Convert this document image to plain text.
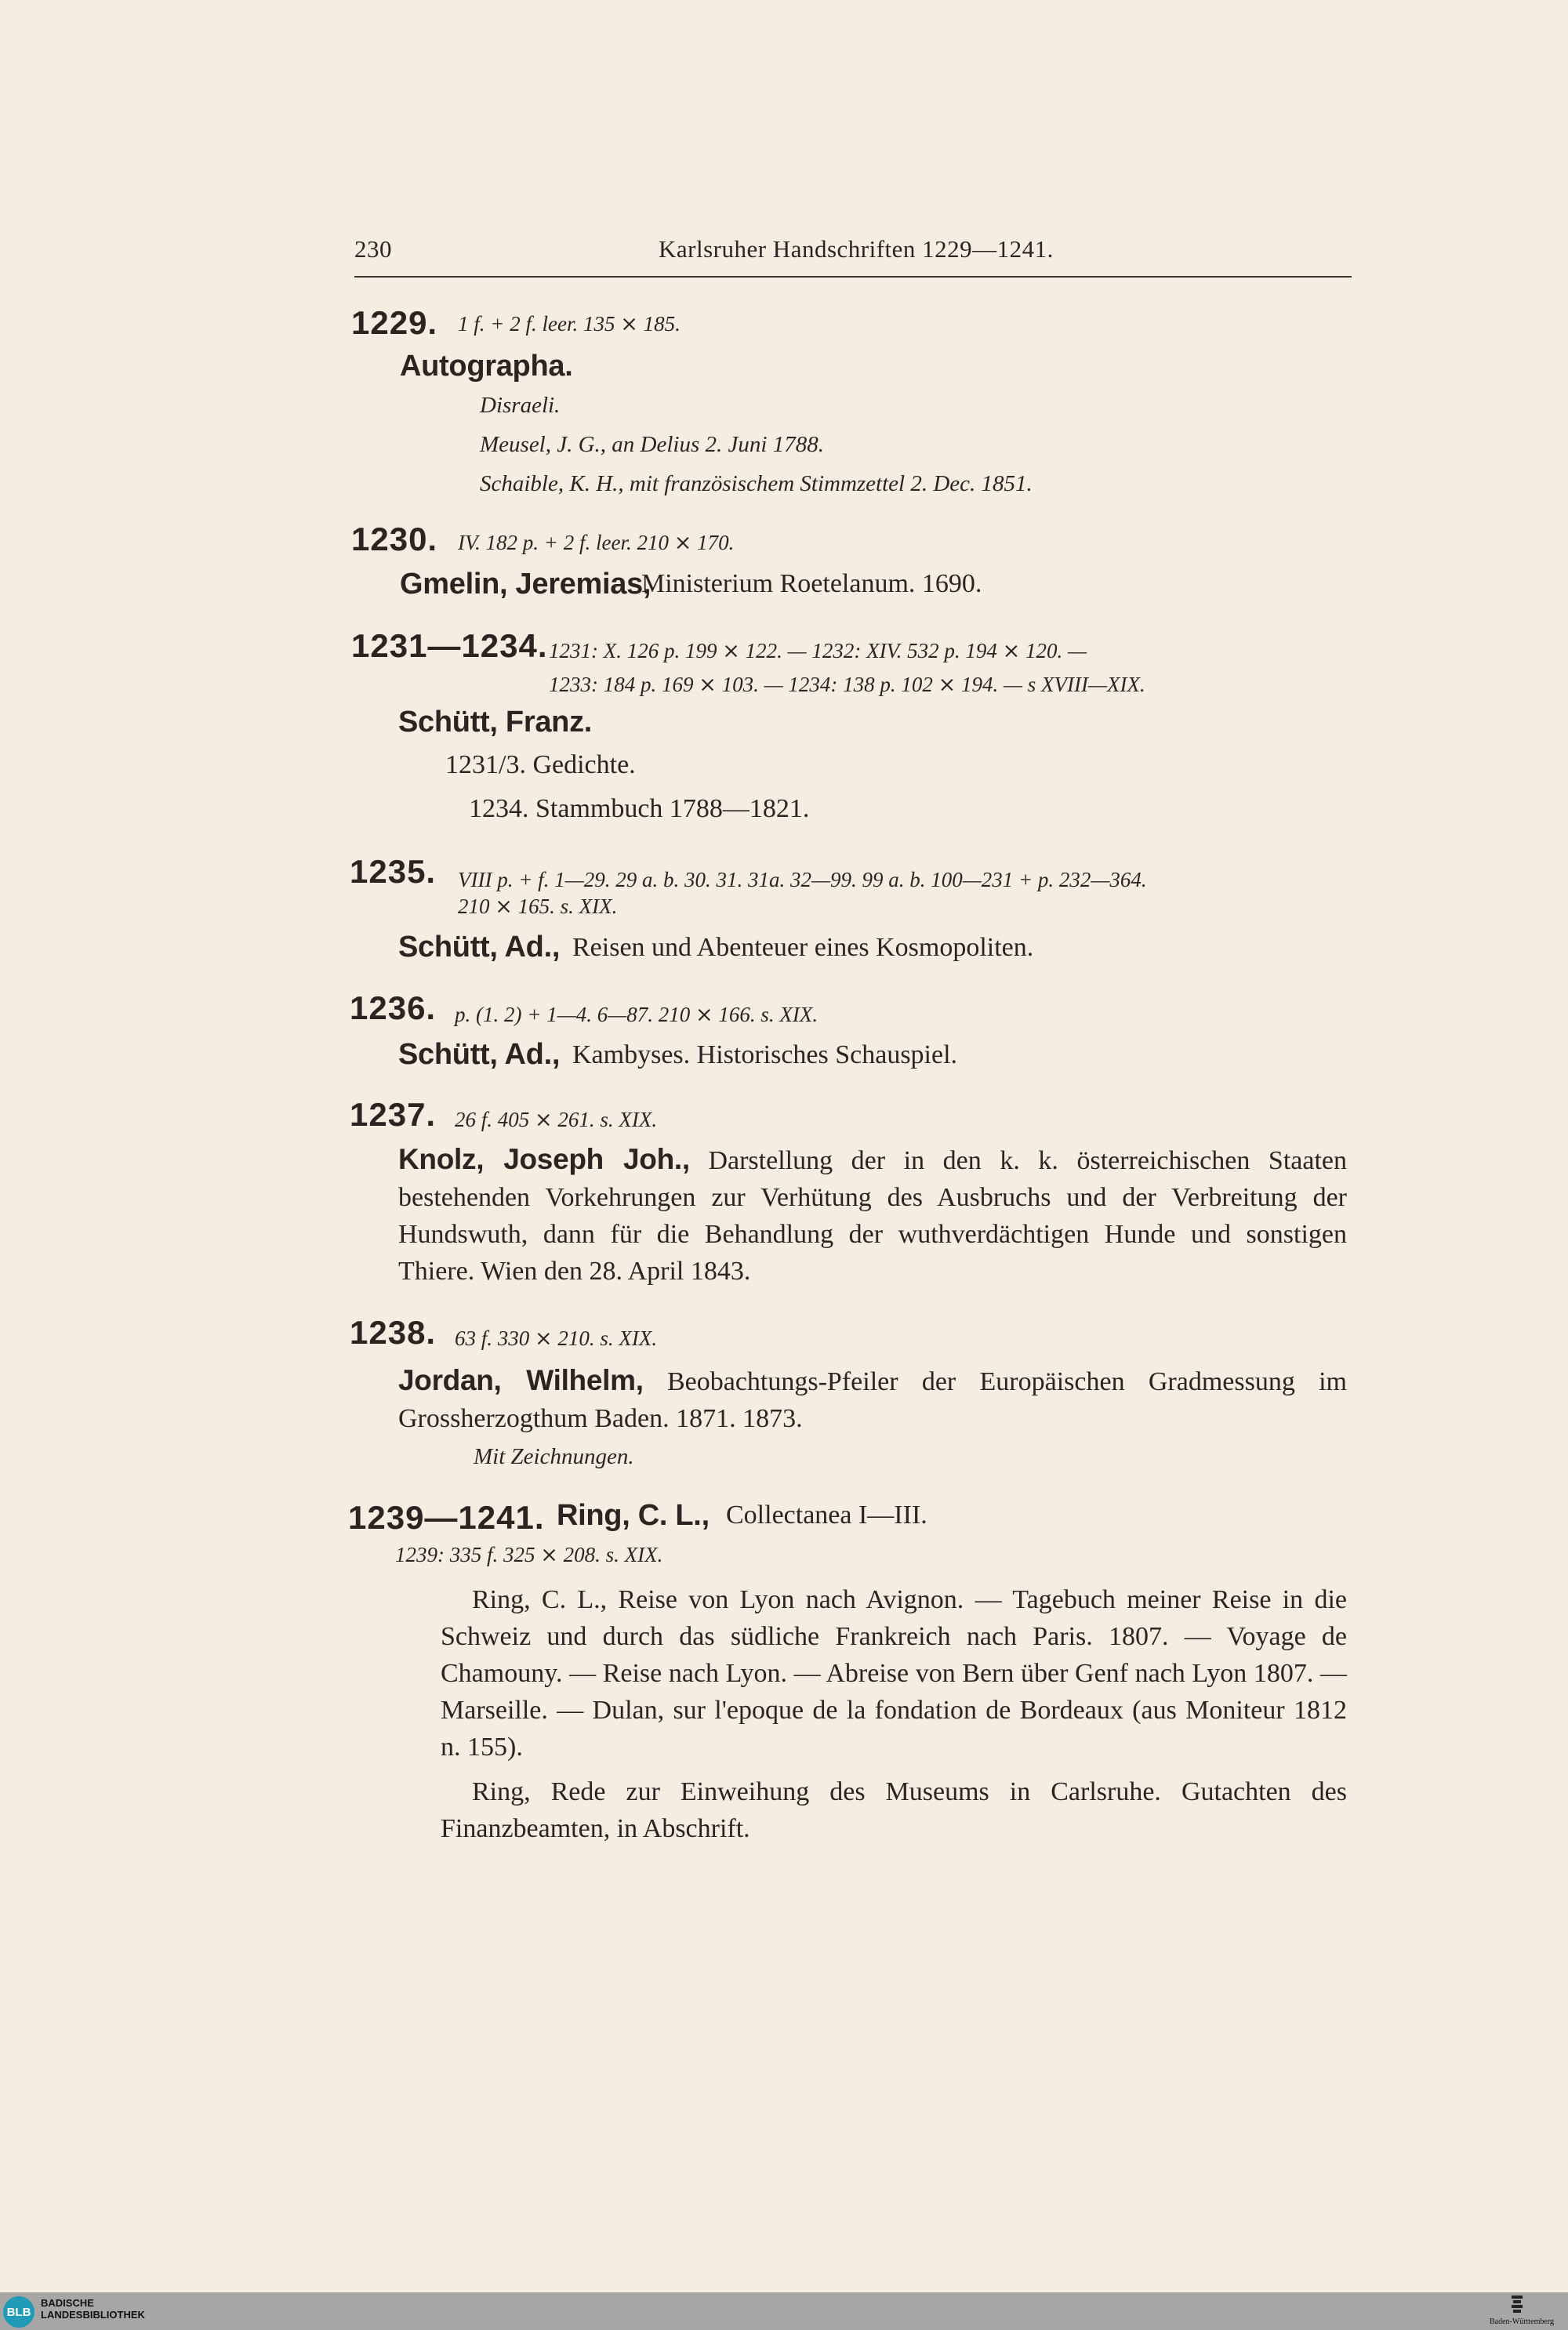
230	Karlsruher Handschriften 1229—1241.
1229. 1 f. + 2 f. leer. 135 ⨯ 185.
Autographa.
Disraeli.
Meusel, J. G., an Delius 2. Juni 1788.
Schaible, K. H., mit französischem Stimmzettel 2. Dec. 1851.
1230. IV. 182 p. + 2 f. leer. 210 ⨯ 170.
Gmelin, Jeremias,
Ministerium Roetelanum. 1690.
1231—1234. 1231: X. 126 p. 199 ⨯ 122. — 1232: XIV. 532 p. 194 ⨯ 120. —
1233: 184 p. 169 ⨯ 103. — 1234: 138 p. 102 ⨯ 194. — s XVIII—XIX.
Schütt, Franz.
1231/3. Gedichte.
1234. Stammbuch 1788—1821.
1235. VIII p. + f. 1—29. 29 a. b. 30. 31. 31a. 32—99. 99 a. b. 100—231 + p. 232—364.
210 ⨯ 165. s. XIX.
Schütt, Ad., Reisen und Abenteuer eines Kosmopoliten.
1236. p. (1. 2) + 1—4. 6—87. 210 ⨯ 166. s. XIX.
Schütt, Ad., Kambyses. Historisches Schauspiel.
1237. 26 f. 405 ⨯ 261. s. XIX.
Knolz, Joseph Joh., Darstellung der in den k. k. österreichischen Staaten bestehenden Vorkehrungen zur Verhütung des Ausbruchs und der Verbreitung der Hundswuth, dann für die Behandlung der wuthverdächtigen Hunde und sonstigen Thiere. Wien den 28. April 1843.
1238. 63 f. 330 ⨯ 210. s. XIX.
Jordan, Wilhelm, Beobachtungs-Pfeiler der Europäischen Gradmessung im Grossherzogthum Baden. 1871. 1873.
Mit Zeichnungen.
1239—1241. Ring, C. L., Collectanea I—III.
1239: 335 f. 325 ⨯ 208. s. XIX.
Ring, C. L., Reise von Lyon nach Avignon. — Tagebuch meiner Reise in die Schweiz und durch das südliche Frankreich nach Paris. 1807. — Voyage de Chamouny. — Reise nach Lyon. — Abreise von Bern über Genf nach Lyon 1807. — Marseille. — Dulan, sur l'epoque de la fondation de Bordeaux (aus Moniteur 1812 n. 155).
Ring, Rede zur Einweihung des Museums in Carlsruhe. Gutachten des Finanzbeamten, in Abschrift.
BLB
BADISCHE
LANDESBIBLIOTHEK
Baden-Württemberg
